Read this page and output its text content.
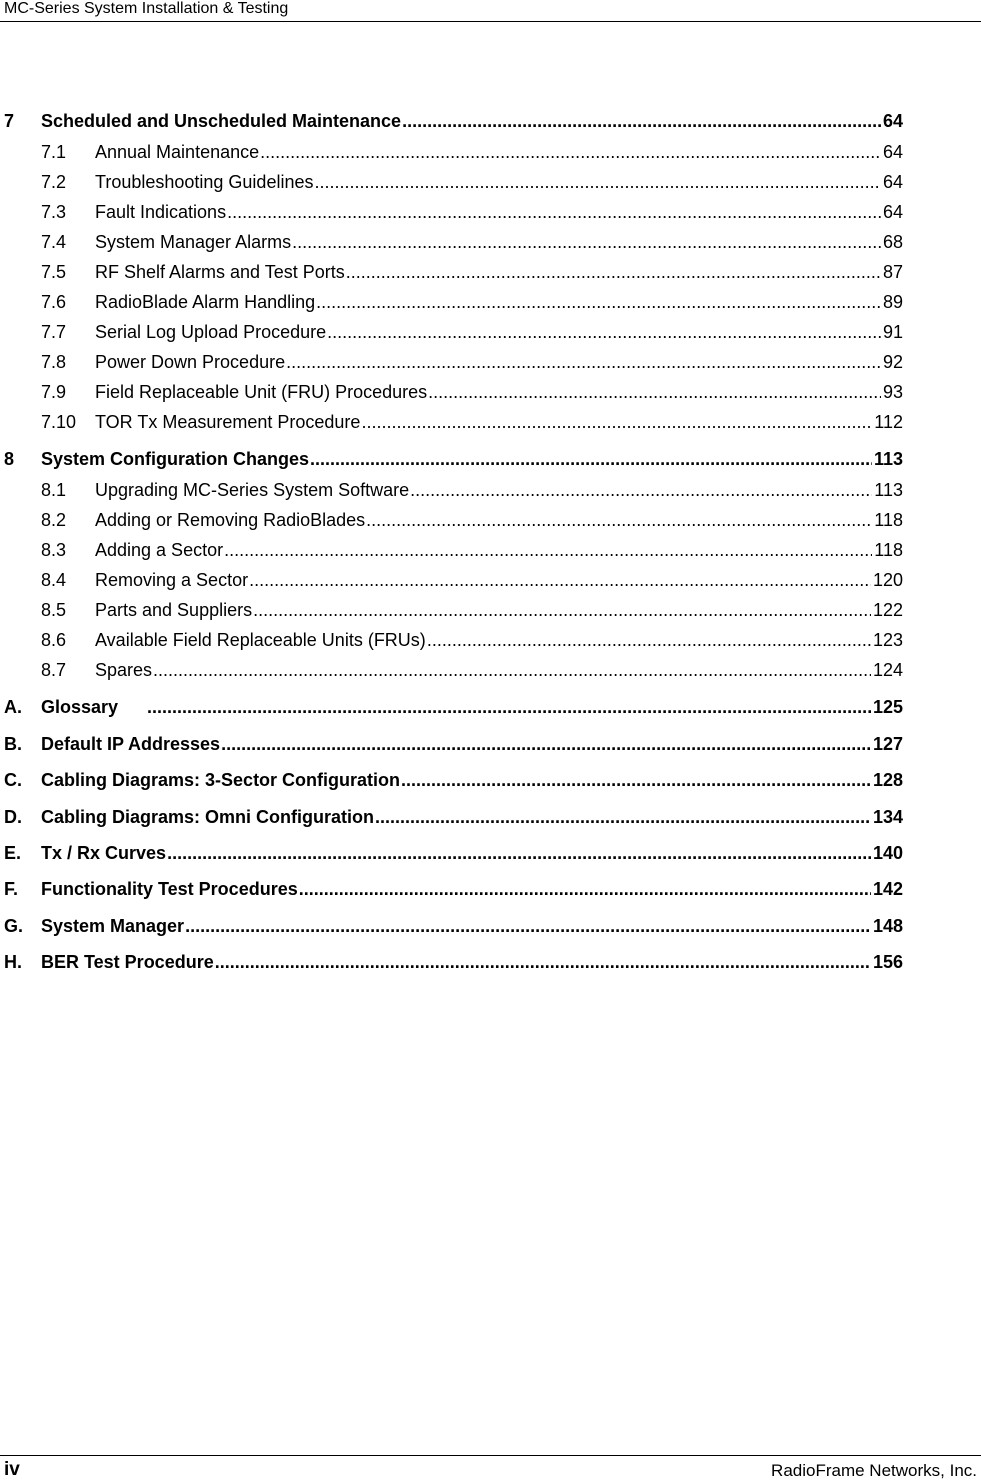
MC-Series System Installation & Testing
7 Scheduled and Unscheduled Maintenance .....	64
7.1 Annual Maintenance .....	64
7.2 Troubleshooting Guidelines .....	64
7.3 Fault Indications .....	64
7.4 System Manager Alarms .....	68
7.5 RF Shelf Alarms and Test Ports .....	87
7.6 RadioBlade Alarm Handling .....	89
7.7 Serial Log Upload Procedure .....	91
7.8 Power Down Procedure .....	92
7.9 Field Replaceable Unit (FRU) Procedures .....	93
7.10 TOR Tx Measurement Procedure .....	112
8 System Configuration Changes .....	113
8.1 Upgrading MC-Series System Software .....	113
8.2 Adding or Removing RadioBlades .....	118
8.3 Adding a Sector .....	118
8.4 Removing a Sector .....	120
8.5 Parts and Suppliers .....	122
8.6 Available Field Replaceable Units (FRUs) .....	123
8.7 Spares .....	124
A. Glossary .....	125
B. Default IP Addresses .....	127
C. Cabling Diagrams: 3-Sector Configuration .....	128
D. Cabling Diagrams: Omni Configuration .....	134
E. Tx / Rx Curves .....	140
F. Functionality Test Procedures .....	142
G. System Manager .....	148
H. BER Test Procedure .....	156
iv	RadioFrame Networks, Inc.
